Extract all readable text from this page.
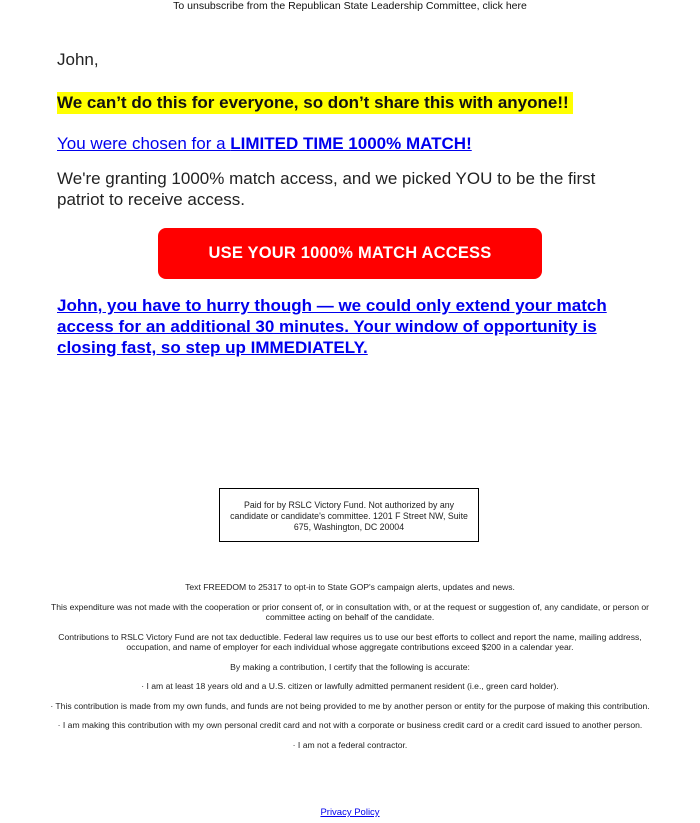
To unsubscribe from the Republican State Leadership Committee, click here

John,

We can’t do this for everyone, so don’t share this with anyone!!
You were chosen for a LIMITED TIME 1000% MATCH!
We're granting 1000% match access, and we picked YOU to be the first patriot to receive access.
USE YOUR 1000% MATCH ACCESS
John, you have to hurry though — we could only extend your match access for an additional 30 minutes. Your window of opportunity is closing fast, so step up IMMEDIATELY.
Paid for by RSLC Victory Fund. Not authorized by any candidate or candidate's committee. 1201 F Street NW, Suite 675, Washington, DC 20004

Text FREEDOM to 25317 to opt-in to State GOP's campaign alerts, updates and news.

This expenditure was not made with the cooperation or prior consent of, or in consultation with, or at the request or suggestion of, any candidate, or person or committee acting on behalf of the candidate.

Contributions to RSLC Victory Fund are not tax deductible. Federal law requires us to use our best efforts to collect and report the name, mailing address, occupation, and name of employer for each individual whose aggregate contributions exceed $200 in a calendar year.

By making a contribution, I certify that the following is accurate:

· I am at least 18 years old and a U.S. citizen or lawfully admitted permanent resident (i.e., green card holder).

· This contribution is made from my own funds, and funds are not being provided to me by another person or entity for the purpose of making this contribution.

· I am making this contribution with my own personal credit card and not with a corporate or business credit card or a credit card issued to another person.

· I am not a federal contractor.

Privacy Policy
